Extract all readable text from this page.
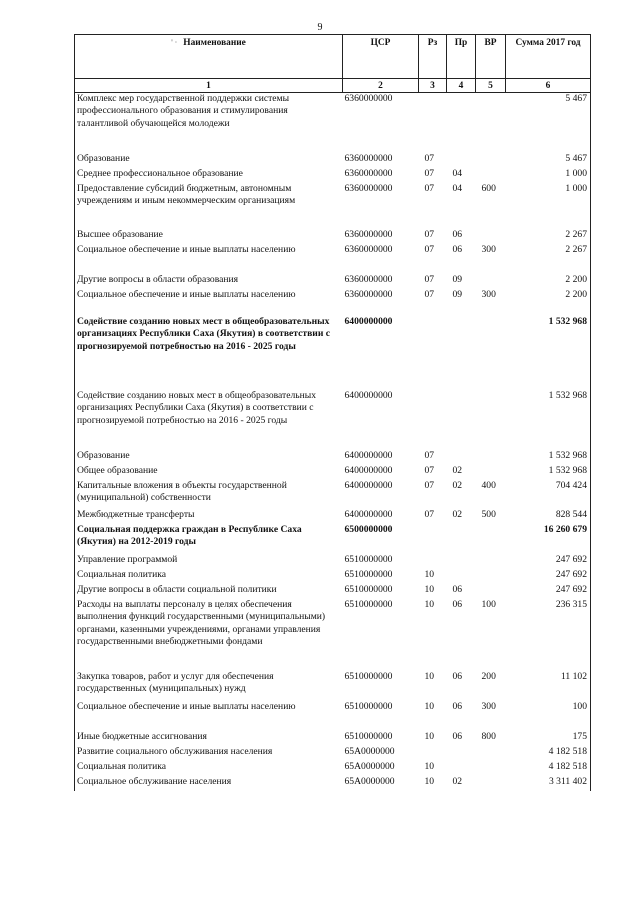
9
' · Наименование	ЦСР	Рз	Пр	ВР	Сумма 2017 год
1	2	3	4	5	6
Комплекс мер государственной поддержки системы профессионального образования и стимулирования талантливой обучающейся молодежи	6360000000				5 467
Образование	6360000000	07			5 467
Среднее профессиональное образование	6360000000	07	04		1 000
Предоставление субсидий бюджетным, автономным учреждениям и иным некоммерческим организациям	6360000000	07	04	600	1 000
Высшее образование	6360000000	07	06		2 267
Социальное обеспечение и иные выплаты населению	6360000000	07	06	300	2 267
Другие вопросы в области образования	6360000000	07	09		2 200
Социальное обеспечение и иные выплаты населению	6360000000	07	09	300	2 200
Содействие созданию новых мест в общеобразовательных организациях Республики Саха (Якутия) в соответствии с прогнозируемой потребностью на 2016 - 2025 годы	6400000000				1 532 968
Содействие созданию новых мест в общеобразовательных организациях Республики Саха (Якутия) в соответствии с прогнозируемой потребностью на 2016 - 2025 годы	6400000000				1 532 968
Образование	6400000000	07			1 532 968
Общее образование	6400000000	07	02		1 532 968
Капитальные вложения в объекты государственной (муниципальной) собственности	6400000000	07	02	400	704 424
Межбюджетные трансферты	6400000000	07	02	500	828 544
Социальная поддержка граждан в Республике Саха (Якутия) на 2012-2019 годы	6500000000				16 260 679
Управление программой	6510000000				247 692
Социальная политика	6510000000	10			247 692
Другие вопросы в области социальной политики	6510000000	10	06		247 692
Расходы на выплаты персоналу в целях обеспечения выполнения функций государственными (муниципальными) органами, казенными учреждениями, органами управления государственными внебюджетными фондами	6510000000	10	06	100	236 315
Закупка товаров, работ и услуг для обеспечения государственных (муниципальных) нужд	6510000000	10	06	200	11 102
Социальное обеспечение и иные выплаты населению	6510000000	10	06	300	100
Иные бюджетные ассигнования	6510000000	10	06	800	175
Развитие социального обслуживания населения	65А0000000				4 182 518
Социальная политика	65А0000000	10			4 182 518
Социальное обслуживание населения	65А0000000	10	02		3 311 402
